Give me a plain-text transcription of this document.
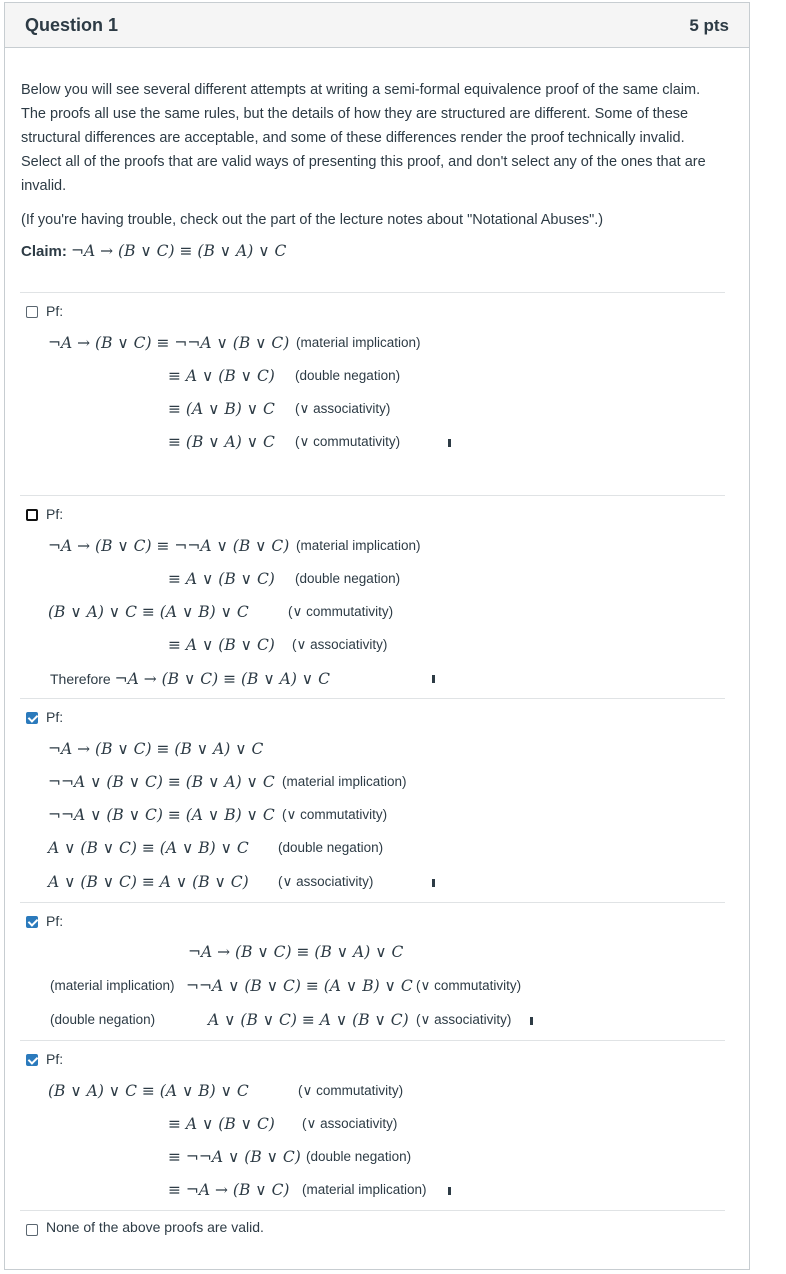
Question 1	5 pts
Below you will see several different attempts at writing a semi-formal equivalence proof of the same claim. The proofs all use the same rules, but the details of how they are structured are different. Some of these structural differences are acceptable, and some of these differences render the proof technically invalid. Select all of the proofs that are valid ways of presenting this proof, and don't select any of the ones that are invalid.
(If you're having trouble, check out the part of the lecture notes about "Notational Abuses".)
Claim: ¬A → (B ∨ C) ≡ (B ∨ A) ∨ C
Pf:
¬A → (B ∨ C) ≡ ¬¬A ∨ (B ∨ C) (material implication)
≡ A ∨ (B ∨ C) (double negation)
≡ (A ∨ B) ∨ C (∨ associativity)
≡ (B ∨ A) ∨ C (∨ commutativity)
Pf:
¬A → (B ∨ C) ≡ ¬¬A ∨ (B ∨ C) (material implication)
≡ A ∨ (B ∨ C) (double negation)
(B ∨ A) ∨ C ≡ (A ∨ B) ∨ C	(∨ commutativity)
≡ A ∨ (B ∨ C) (∨ associativity)
Therefore ¬A → (B ∨ C) ≡ (B ∨ A) ∨ C
Pf:
¬A → (B ∨ C) ≡ (B ∨ A) ∨ C
¬¬A ∨ (B ∨ C) ≡ (B ∨ A) ∨ C (material implication)
¬¬A ∨ (B ∨ C) ≡ (A ∨ B) ∨ C (∨ commutativity)
A ∨ (B ∨ C) ≡ (A ∨ B) ∨ C (double negation)
A ∨ (B ∨ C) ≡ A ∨ (B ∨ C) (∨ associativity)
Pf:
¬A → (B ∨ C) ≡ (B ∨ A) ∨ C
(material implication) ¬¬A ∨ (B ∨ C) ≡ (A ∨ B) ∨ C (∨ commutativity)
(double negation)	A ∨ (B ∨ C) ≡ A ∨ (B ∨ C) (∨ associativity)
Pf:
(B ∨ A) ∨ C ≡ (A ∨ B) ∨ C	(∨ commutativity)
≡ A ∨ (B ∨ C) (∨ associativity)
≡ ¬¬A ∨ (B ∨ C) (double negation)
≡ ¬A → (B ∨ C) (material implication)
None of the above proofs are valid.
